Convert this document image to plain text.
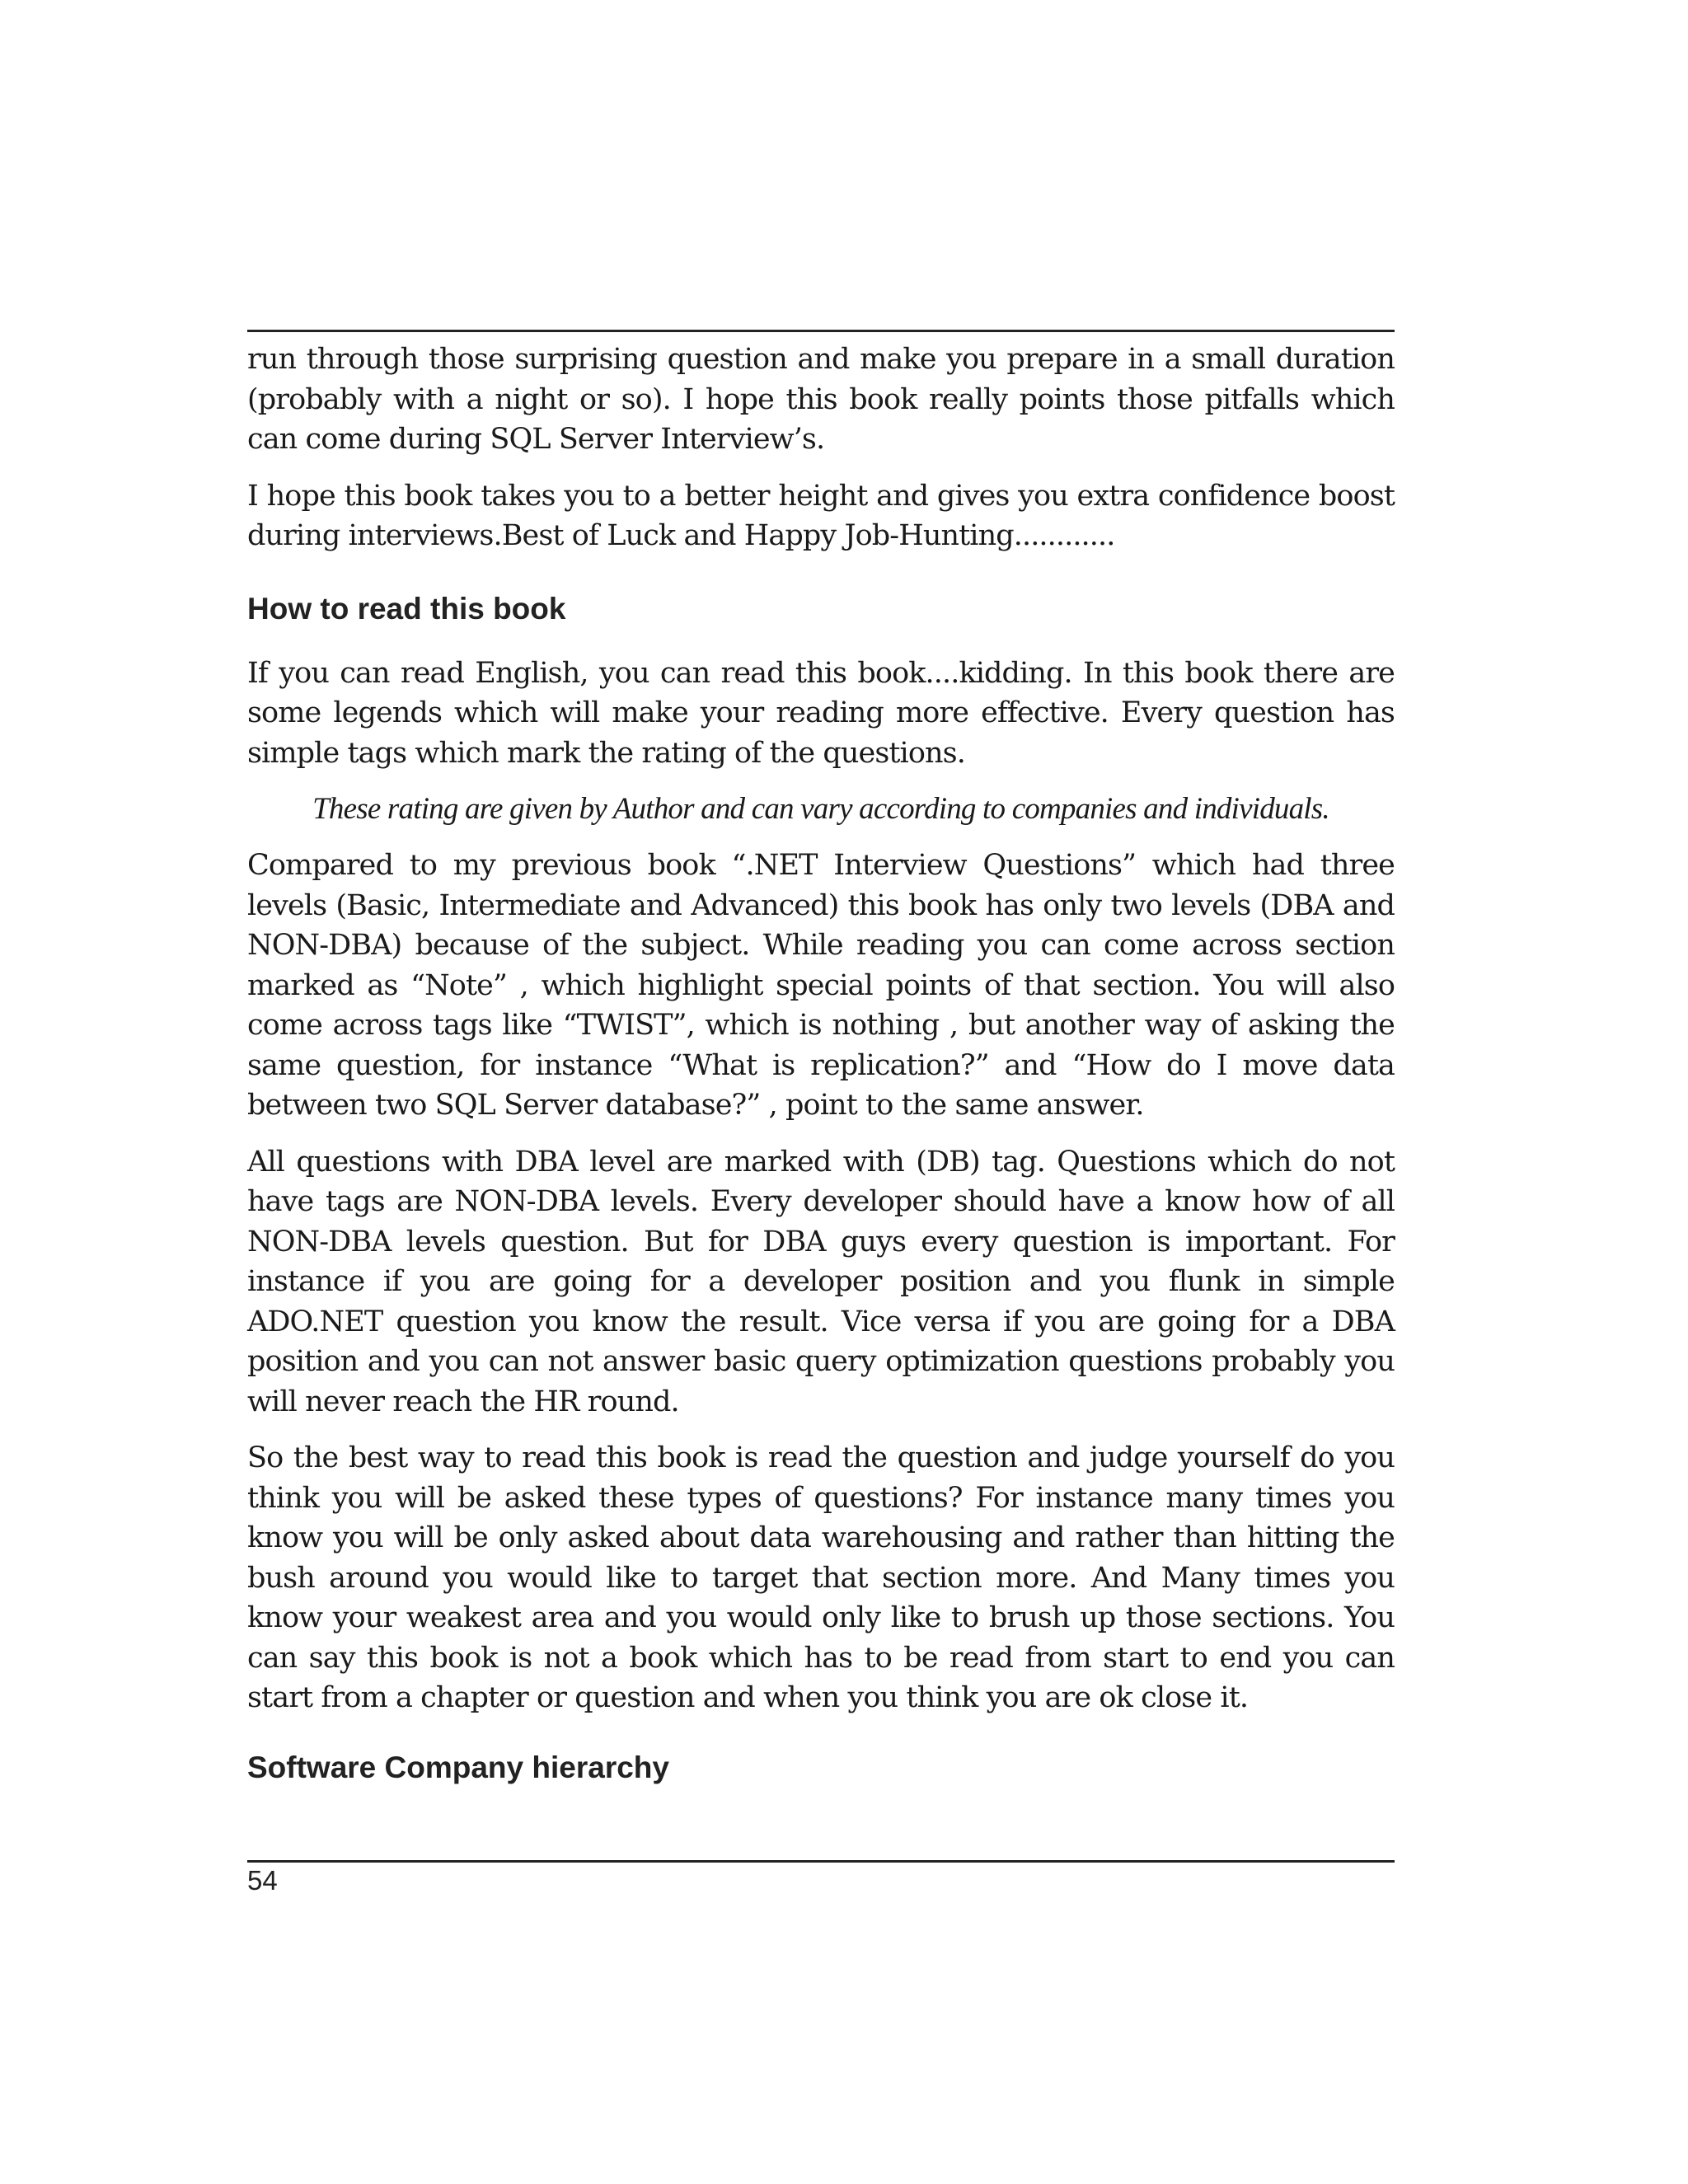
run through those surprising question and make you prepare in a small duration (probably with a night or so). I hope this book really points those pitfalls which can come during SQL Server Interview’s.

I hope this book takes you to a better height and gives you extra confidence boost during interviews.Best of Luck and Happy Job-Hunting............

How to read this book

If you can read English, you can read this book....kidding. In this book there are some legends which will make your reading more effective. Every question has simple tags which mark the rating of the questions.

These rating are given by Author and can vary according to companies and individuals.

Compared to my previous book “.NET Interview Questions” which had three levels (Basic, Intermediate and Advanced) this book has only two levels (DBA and NON-DBA) because of the subject. While reading you can come across section marked as “Note” , which highlight special points of that section. You will also come across tags like “TWIST”, which is nothing , but another way of asking the same question, for instance “What is replication?” and “How do I move data between two SQL Server database?” , point to the same answer.

All questions with DBA level are marked with (DB) tag. Questions which do not have tags are NON-DBA levels. Every developer should have a know how of all NON-DBA levels question. But for DBA guys every question is important. For instance if you are going for a developer position and you flunk in simple ADO.NET question you know the result. Vice versa if you are going for a DBA position and you can not answer basic query optimization questions probably you will never reach the HR round.

So the best way to read this book is read the question and judge yourself do you think you will be asked these types of questions? For instance many times you know you will be only asked about data warehousing and rather than hitting the bush around you would like to target that section more. And Many times you know your weakest area and you would only like to brush up those sections. You can say this book is not a book which has to be read from start to end you can start from a chapter or question and when you think you are ok close it.

Software Company hierarchy
54
